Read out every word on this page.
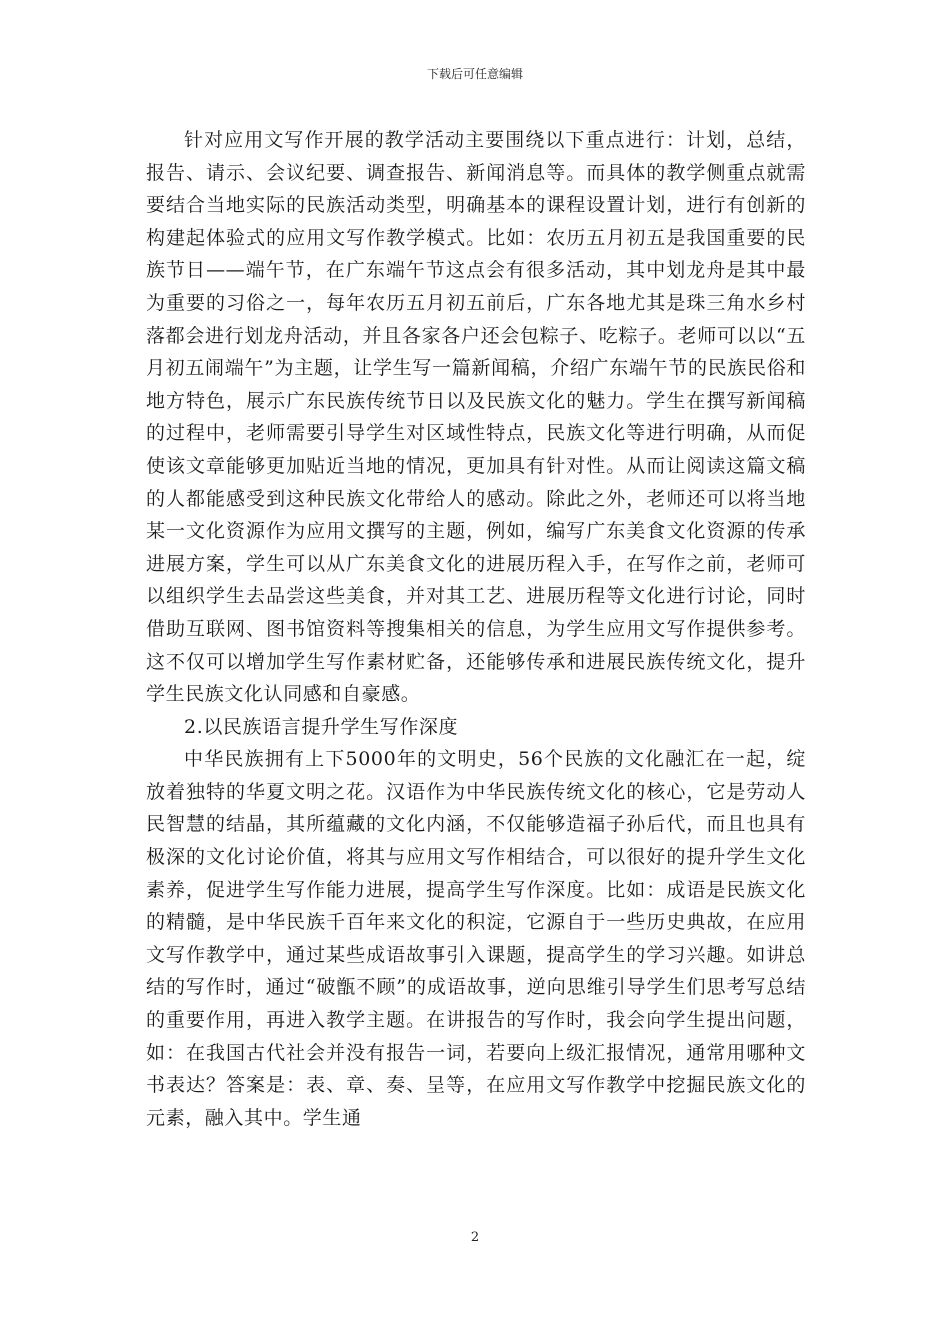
下载后可任意编辑

针对应用文写作开展的教学活动主要围绕以下重点进行：计划，总结，报告、请示、会议纪要、调查报告、新闻消息等。而具体的教学侧重点就需要结合当地实际的民族活动类型，明确基本的课程设置计划，进行有创新的构建起体验式的应用文写作教学模式。比如：农历五月初五是我国重要的民族节日——端午节，在广东端午节这点会有很多活动，其中划龙舟是其中最为重要的习俗之一，每年农历五月初五前后，广东各地尤其是珠三角水乡村落都会进行划龙舟活动，并且各家各户还会包粽子、吃粽子。老师可以以“五月初五闹端午”为主题，让学生写一篇新闻稿，介绍广东端午节的民族民俗和地方特色，展示广东民族传统节日以及民族文化的魅力。学生在撰写新闻稿的过程中，老师需要引导学生对区域性特点，民族文化等进行明确，从而促使该文章能够更加贴近当地的情况，更加具有针对性。从而让阅读这篇文稿的人都能感受到这种民族文化带给人的感动。除此之外，老师还可以将当地某一文化资源作为应用文撰写的主题，例如，编写广东美食文化资源的传承进展方案，学生可以从广东美食文化的进展历程入手，在写作之前，老师可以组织学生去品尝这些美食，并对其工艺、进展历程等文化进行讨论，同时借助互联网、图书馆资料等搜集相关的信息，为学生应用文写作提供参考。这不仅可以增加学生写作素材贮备，还能够传承和进展民族传统文化，提升学生民族文化认同感和自豪感。

2.以民族语言提升学生写作深度

中华民族拥有上下5000年的文明史，56个民族的文化融汇在一起，绽放着独特的华夏文明之花。汉语作为中华民族传统文化的核心，它是劳动人民智慧的结晶，其所蕴藏的文化内涵，不仅能够造福子孙后代，而且也具有极深的文化讨论价值，将其与应用文写作相结合，可以很好的提升学生文化素养，促进学生写作能力进展，提高学生写作深度。比如：成语是民族文化的精髓，是中华民族千百年来文化的积淀，它源自于一些历史典故，在应用文写作教学中，通过某些成语故事引入课题，提高学生的学习兴趣。如讲总结的写作时，通过“破甑不顾”的成语故事，逆向思维引导学生们思考写总结的重要作用，再进入教学主题。在讲报告的写作时，我会向学生提出问题，如：在我国古代社会并没有报告一词，若要向上级汇报情况，通常用哪种文书表达？答案是：表、章、奏、呈等，在应用文写作教学中挖掘民族文化的元素，融入其中。学生通

2
